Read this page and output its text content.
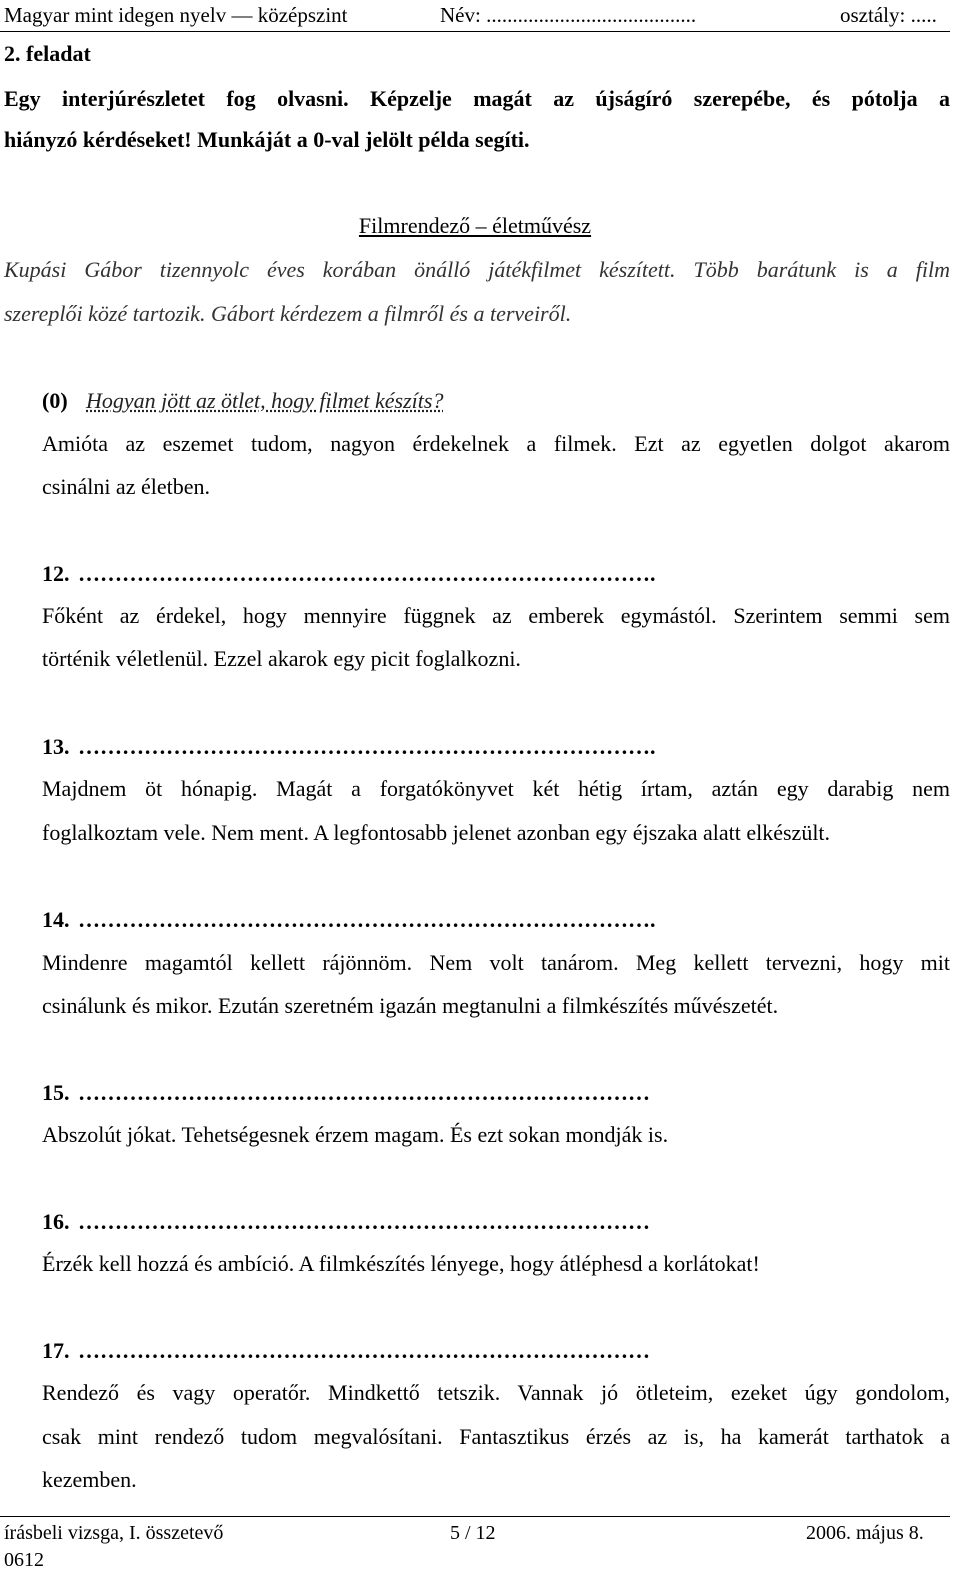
Magyar mint idegen nyelv — középszint	Név: ........................................	osztály: .....
2. feladat
Egy interjúrészletet fog olvasni. Képzelje magát az újságíró szerepébe, és pótolja a
hiányzó kérdéseket! Munkáját a 0-val jelölt példa segíti.
Filmrendező – életművész
Kupási Gábor tizennyolc éves korában önálló játékfilmet készített. Több barátunk is a film
szereplői közé tartozik. Gábort kérdezem a filmről és a terveiről.
(0) Hogyan jött az ötlet, hogy filmet készíts?
Amióta az eszemet tudom, nagyon érdekelnek a filmek. Ezt az egyetlen dolgot akarom
csinálni az életben.
12. …………………………………………………………………….
Főként az érdekel, hogy mennyire függnek az emberek egymástól. Szerintem semmi sem
történik véletlenül. Ezzel akarok egy picit foglalkozni.
13. …………………………………………………………………….
Majdnem öt hónapig. Magát a forgatókönyvet két hétig írtam, aztán egy darabig nem
foglalkoztam vele. Nem ment. A legfontosabb jelenet azonban egy éjszaka alatt elkészült.
14. …………………………………………………………………….
Mindenre magamtól kellett rájönnöm. Nem volt tanárom. Meg kellett tervezni, hogy mit
csinálunk és mikor. Ezután szeretném igazán megtanulni a filmkészítés művészetét.
15. ……………………………………………………………………
Abszolút jókat. Tehetségesnek érzem magam. És ezt sokan mondják is.
16. ……………………………………………………………………
Érzék kell hozzá és ambíció. A filmkészítés lényege, hogy átléphesd a korlátokat!
17. ……………………………………………………………………
Rendező és vagy operatőr. Mindkettő tetszik. Vannak jó ötleteim, ezeket úgy gondolom,
csak mint rendező tudom megvalósítani. Fantasztikus érzés az is, ha kamerát tarthatok a
kezemben.
írásbeli vizsga, I. összetevő
0612
5 / 12	2006. május 8.
